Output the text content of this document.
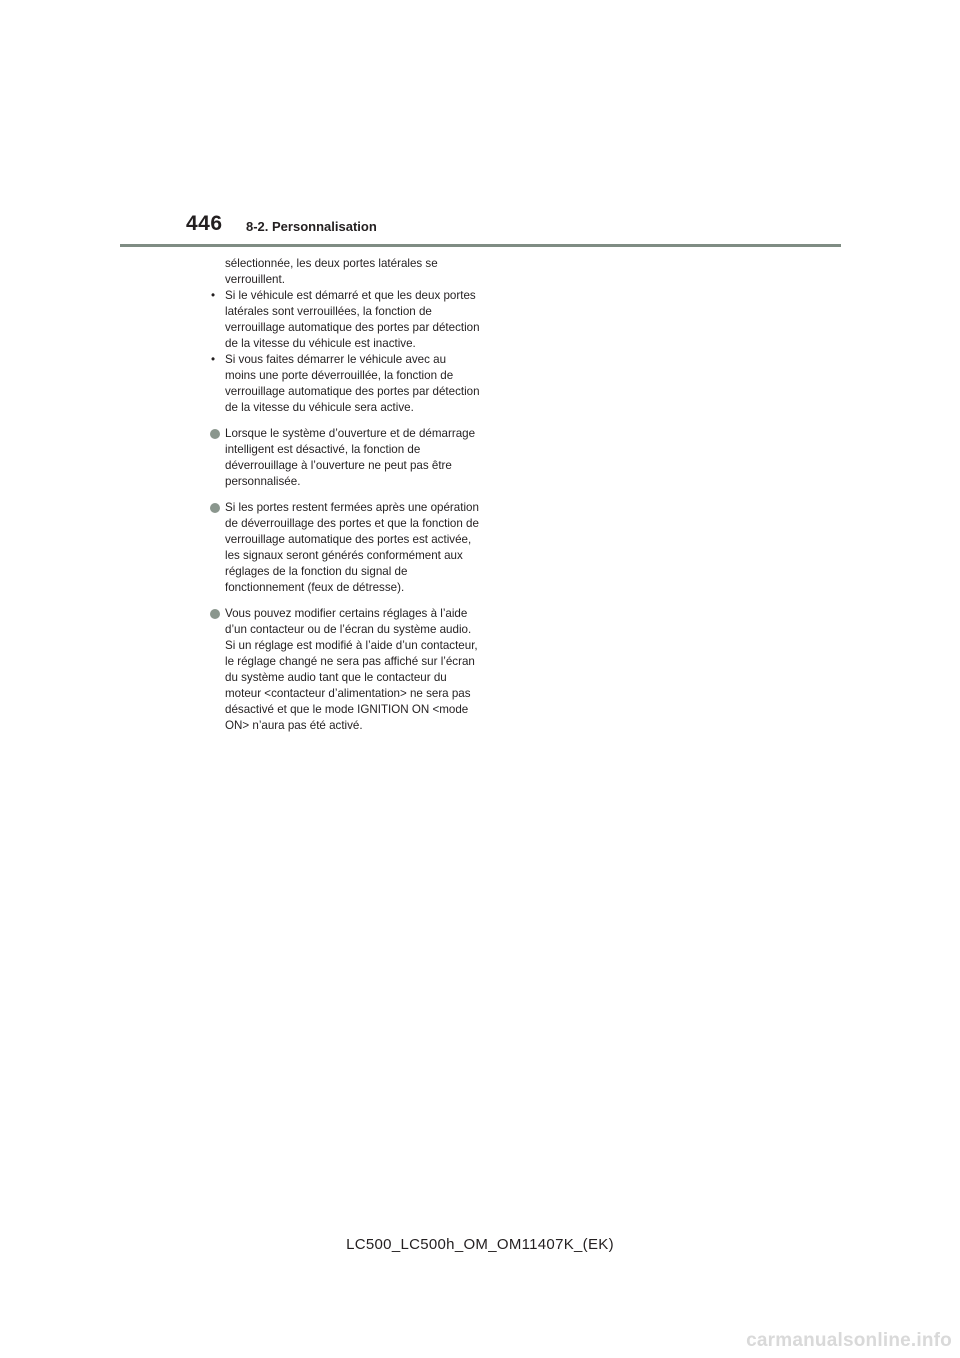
446 8-2. Personnalisation

sélectionnée, les deux portes latérales se verrouillent.

• Si le véhicule est démarré et que les deux portes latérales sont verrouillées, la fonction de verrouillage automatique des portes par détection de la vitesse du véhicule est inactive.
• Si vous faites démarrer le véhicule avec au moins une porte déverrouillée, la fonction de verrouillage automatique des portes par détection de la vitesse du véhicule sera active.
Lorsque le système d’ouverture et de démarrage intelligent est désactivé, la fonction de déverrouillage à l’ouverture ne peut pas être personnalisée.
Si les portes restent fermées après une opération de déverrouillage des portes et que la fonction de verrouillage automatique des portes est activée, les signaux seront générés conformément aux réglages de la fonction du signal de fonctionnement (feux de détresse).
Vous pouvez modifier certains réglages à l’aide d’un contacteur ou de l’écran du système audio. Si un réglage est modifié à l’aide d’un contacteur, le réglage changé ne sera pas affiché sur l’écran du système audio tant que le contacteur du moteur <contacteur d’alimentation> ne sera pas désactivé et que le mode IGNITION ON <mode ON> n’aura pas été activé.
LC500_LC500h_OM_OM11407K_(EK)
carmanualsonline.info
